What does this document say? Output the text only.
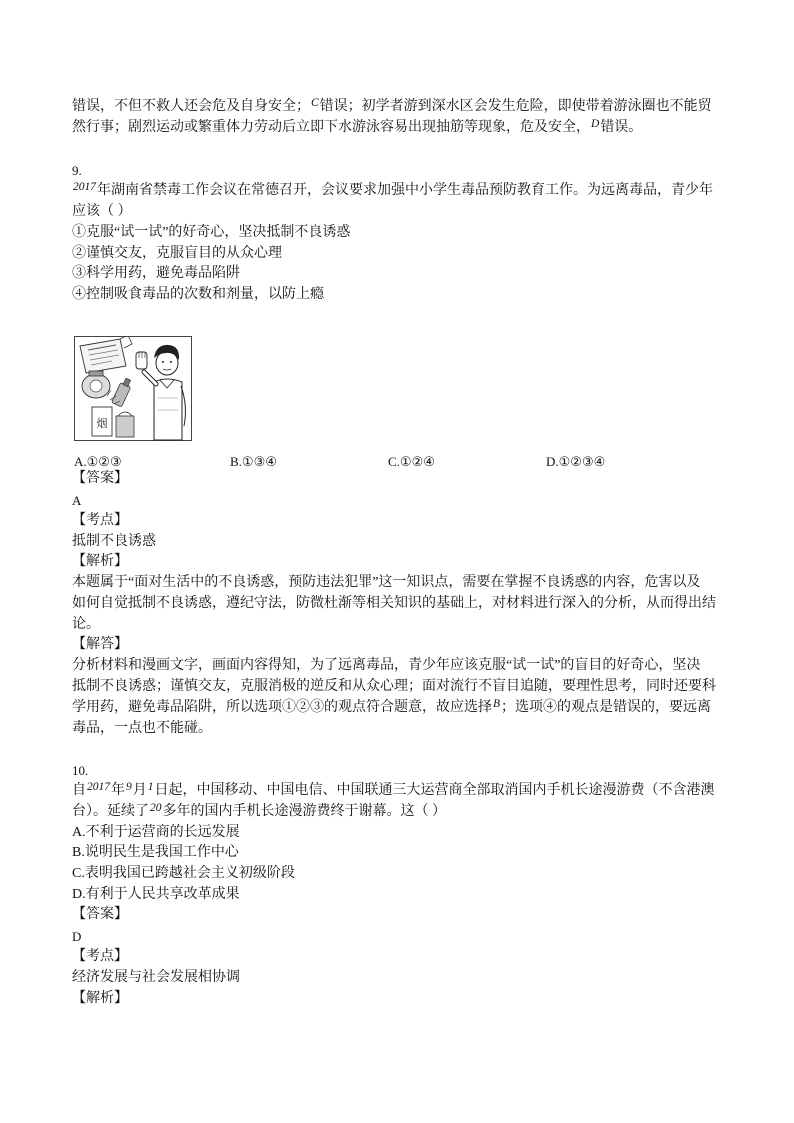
错误，不但不救人还会危及自身安全；$^C$错误；初学者游到深水区会发生危险，即使带着游泳圈也不能贸
然行事；剧烈运动或繁重体力劳动后立即下水游泳容易出现抽筋等现象，危及安全，$^D$错误。
9.
$^{2017}$年湖南省禁毒工作会议在常德召开，会议要求加强中小学生毒品预防教育工作。为远离毒品，青少年
应该（ ）
①克服“试一试”的好奇心，坚决抵制不良诱惑
②谨慎交友，克服盲目的从众心理
③科学用药，避免毒品陷阱
④控制吸食毒品的次数和剂量，以防上瘾
烟
A.①②③	B.①③④	C.①②④	D.①②③④
【答案】
A
【考点】
抵制不良诱惑
【解析】
本题属于“面对生活中的不良诱惑，预防违法犯罪”这一知识点，需要在掌握不良诱惑的内容，危害以及
如何自觉抵制不良诱惑，遵纪守法，防微杜渐等相关知识的基础上，对材料进行深入的分析，从而得出结
论。
【解答】
分析材料和漫画文字，画面内容得知，为了远离毒品，青少年应该克服“试一试”的盲目的好奇心，坚决
抵制不良诱惑；谨慎交友，克服消极的逆反和从众心理；面对流行不盲目追随，要理性思考，同时还要科
学用药，避免毒品陷阱，所以选项①②③的观点符合题意，故应选择$^B$；选项④的观点是错误的，要远离
毒品，一点也不能碰。
10.
自$^{2017}$年$^9$月$^1$日起，中国移动、中国电信、中国联通三大运营商全部取消国内手机长途漫游费（不含港澳
台）。延续了$^{20}$多年的国内手机长途漫游费终于谢幕。这（ ）
A.不利于运营商的长远发展
B.说明民生是我国工作中心
C.表明我国已跨越社会主义初级阶段
D.有利于人民共享改革成果
【答案】
D
【考点】
经济发展与社会发展相协调
【解析】
